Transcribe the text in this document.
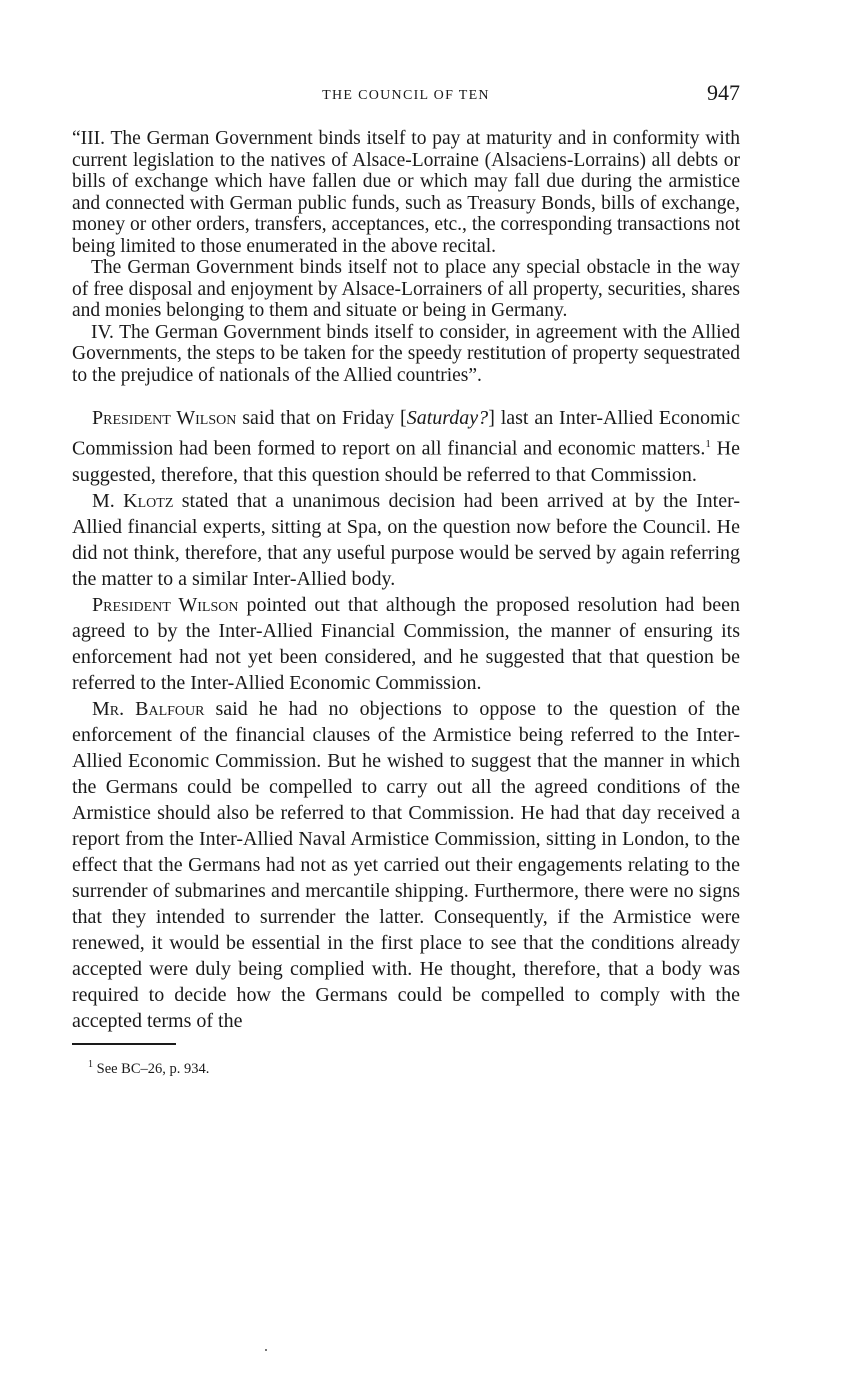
THE COUNCIL OF TEN	947

“III. The German Government binds itself to pay at maturity and in conformity with current legislation to the natives of Alsace-Lorraine (Alsaciens-Lorrains) all debts or bills of exchange which have fallen due or which may fall due during the armistice and connected with German public funds, such as Treasury Bonds, bills of exchange, money or other orders, transfers, acceptances, etc., the corresponding transactions not being limited to those enumerated in the above recital.

The German Government binds itself not to place any special obstacle in the way of free disposal and enjoyment by Alsace-Lorrainers of all property, securities, shares and monies belonging to them and situate or being in Germany.

IV. The German Government binds itself to consider, in agreement with the Allied Governments, the steps to be taken for the speedy restitution of property sequestrated to the prejudice of nationals of the Allied countries”.

President Wilson said that on Friday [Saturday?] last an Inter-Allied Economic Commission had been formed to report on all financial and economic matters.$^1$ He suggested, therefore, that this question should be referred to that Commission.

M. Klotz stated that a unanimous decision had been arrived at by the Inter-Allied financial experts, sitting at Spa, on the question now before the Council. He did not think, therefore, that any useful purpose would be served by again referring the matter to a similar Inter-Allied body.

President Wilson pointed out that although the proposed resolution had been agreed to by the Inter-Allied Financial Commission, the manner of ensuring its enforcement had not yet been considered, and he suggested that that question be referred to the Inter-Allied Economic Commission.

Mr. Balfour said he had no objections to oppose to the question of the enforcement of the financial clauses of the Armistice being referred to the Inter-Allied Economic Commission. But he wished to suggest that the manner in which the Germans could be compelled to carry out all the agreed conditions of the Armistice should also be referred to that Commission. He had that day received a report from the Inter-Allied Naval Armistice Commission, sitting in London, to the effect that the Germans had not as yet carried out their engagements relating to the surrender of submarines and mercantile shipping. Furthermore, there were no signs that they intended to surrender the latter. Consequently, if the Armistice were renewed, it would be essential in the first place to see that the conditions already accepted were duly being complied with. He thought, therefore, that a body was required to decide how the Germans could be compelled to comply with the accepted terms of the

$^1$ See BC–26, p. 934.
